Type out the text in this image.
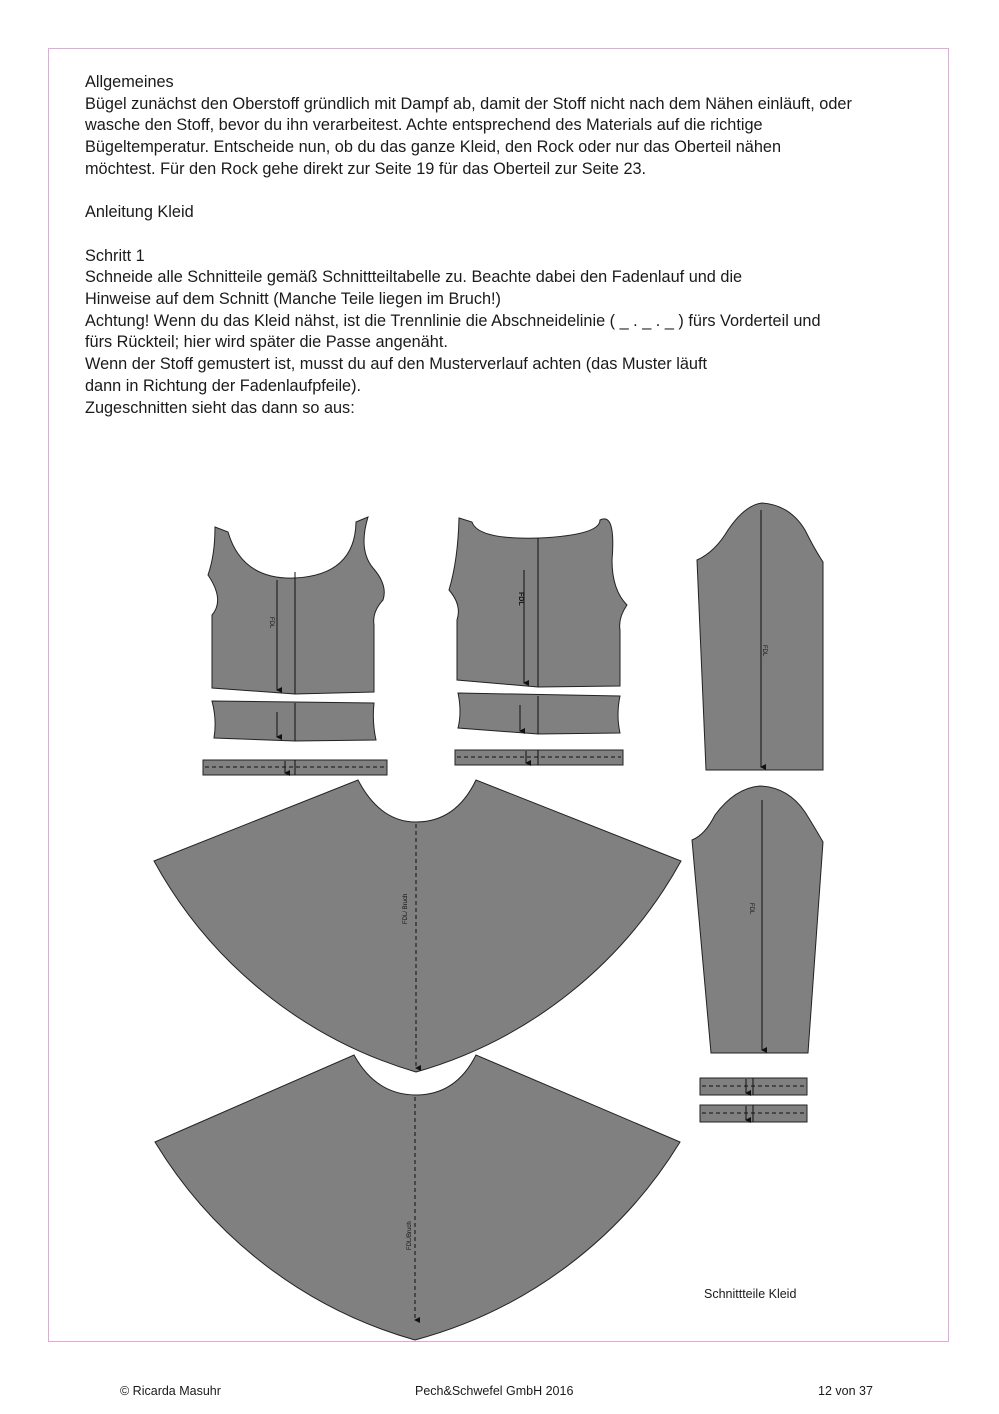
Allgemeines

Bügel zunächst den Oberstoff gründlich mit Dampf ab, damit der Stoff nicht nach dem Nähen einläuft, oder

wasche den Stoff, bevor du ihn verarbeitest. Achte entsprechend des Materials auf die richtige

Bügeltemperatur. Entscheide nun, ob du das ganze Kleid, den Rock oder nur das Oberteil nähen

möchtest. Für den Rock gehe direkt zur Seite 19 für das Oberteil zur Seite 23.

Anleitung Kleid

Schritt 1

Schneide alle Schnitteile gemäß Schnittteiltabelle zu. Beachte dabei den Fadenlauf und die

Hinweise auf dem Schnitt (Manche Teile liegen im Bruch!)

Achtung! Wenn du das Kleid nähst, ist die Trennlinie die Abschneidelinie ( _ . _ . _ ) fürs Vorderteil und

fürs Rückteil; hier wird später die Passe angenäht.

Wenn der Stoff gemustert ist, musst du auf den Musterverlauf achten (das Muster läuft

dann in Richtung der Fadenlaufpfeile).

Zugeschnitten sieht das dann so aus:

FDL
FDL
FDL
FDL
FDL/ Bruch
FDL/Bruch
Schnittteile Kleid
© Ricarda Masuhr	Pech&Schwefel GmbH 2016	12 von 37
